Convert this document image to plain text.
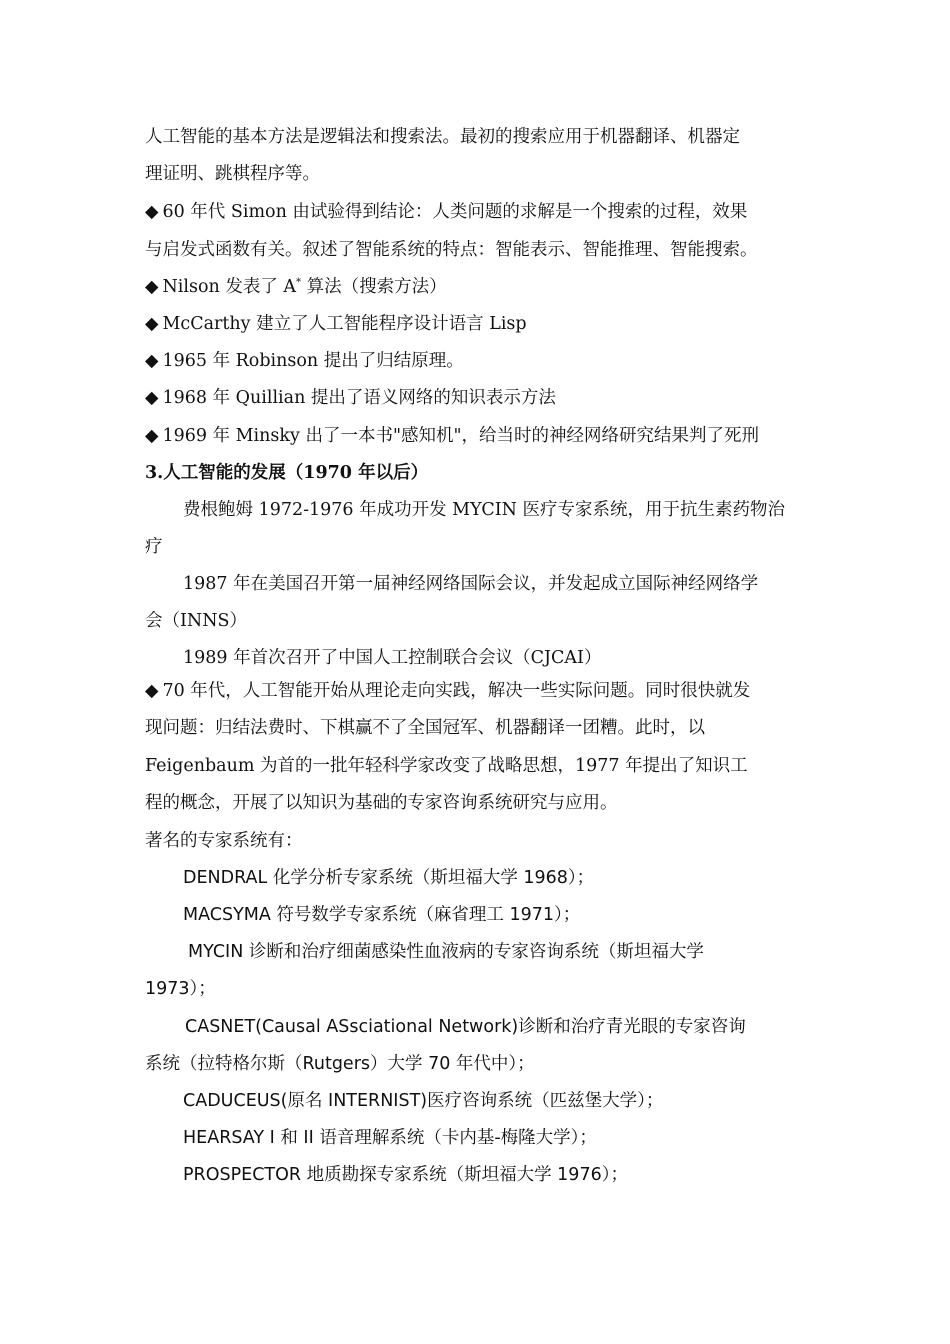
人工智能的基本方法是逻辑法和搜索法。最初的搜索应用于机器翻译、机器定
理证明、跳棋程序等。
◆ 60 年代 Simon 由试验得到结论：人类问题的求解是一个搜索的过程，效果
与启发式函数有关。叙述了智能系统的特点：智能表示、智能推理、智能搜索。
◆ Nilson 发表了 A* 算法（搜索方法）
◆ McCarthy 建立了人工智能程序设计语言 Lisp
◆ 1965 年 Robinson 提出了归结原理。
◆ 1968 年 Quillian 提出了语义网络的知识表示方法
◆ 1969 年 Minsky 出了一本书"感知机"，给当时的神经网络研究结果判了死刑
3.人工智能的发展（1970 年以后）
费根鲍姆 1972-1976 年成功开发 MYCIN 医疗专家系统，用于抗生素药物治
疗
1987 年在美国召开第一届神经网络国际会议，并发起成立国际神经网络学
会（INNS）
1989 年首次召开了中国人工控制联合会议（CJCAI）
◆ 70 年代，人工智能开始从理论走向实践，解决一些实际问题。同时很快就发
现问题：归结法费时、下棋赢不了全国冠军、机器翻译一团糟。此时，以
Feigenbaum 为首的一批年轻科学家改变了战略思想，1977 年提出了知识工
程的概念，开展了以知识为基础的专家咨询系统研究与应用。
著名的专家系统有：
DENDRAL 化学分析专家系统（斯坦福大学 1968）；
MACSYMA 符号数学专家系统（麻省理工 1971）；
MYCIN 诊断和治疗细菌感染性血液病的专家咨询系统（斯坦福大学
1973）；
CASNET(Causal ASsciational Network)诊断和治疗青光眼的专家咨询
系统（拉特格尔斯（Rutgers）大学 70 年代中）；
CADUCEUS(原名 INTERNIST)医疗咨询系统（匹兹堡大学）；
HEARSAY I 和 II 语音理解系统（卡内基-梅隆大学）；
PROSPECTOR 地质勘探专家系统（斯坦福大学 1976）；
